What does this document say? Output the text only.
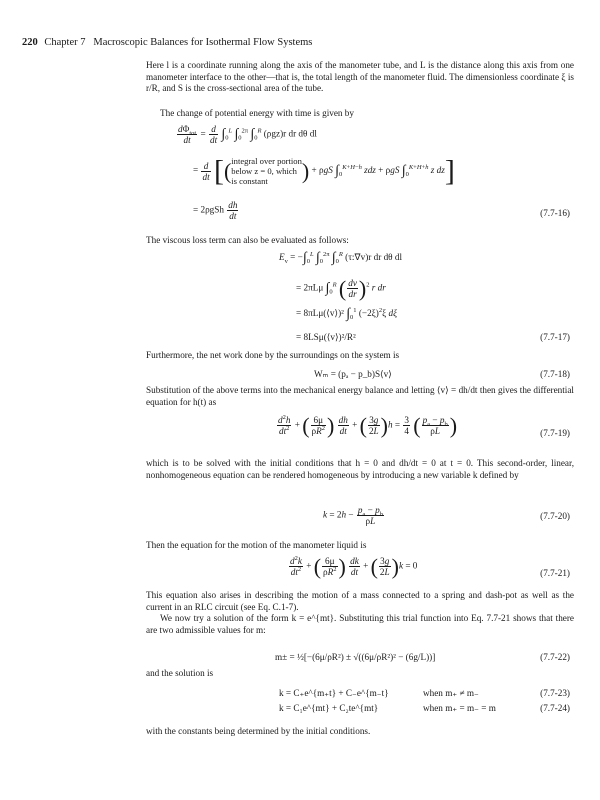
220 Chapter 7 Macroscopic Balances for Isothermal Flow Systems
Here l is a coordinate running along the axis of the manometer tube, and L is the distance along this axis from one manometer interface to the other—that is, the total length of the manometer fluid. The dimensionless coordinate ξ is r/R, and S is the cross-sectional area of the tube.
The change of potential energy with time is given by
$\frac{d\Phi_{tot}}{dt} = \frac{d}{dt} \int_0^L$ $\int_0^{2\pi}$ $\int_0^R$ (ρgz)r dr dθ dl
= $\frac{d}{dt}$ [( integral over portion
below z = 0, which
is constant	) + ρgS $\int_0^{K+H-h}$ zdz + ρgS $\int_0^{K+H+h}$ z dz]
= $2\rho gSh \frac{dh}{dt}$	(7.7-16)
The viscous loss term can also be evaluated as follows:
$E_v = -\int_0^L$ $\int_0^{2\pi}$ $\int_0^R$ (τ:∇v)r dr dθ dl
= 2πLμ $\int_0^R$ ( $\frac{dv}{dr} )^2$ r dr
= 8πLμ(⟨v⟩)² $\int_0^1$ $(-2\xi)^2\xi$ dξ
= 8LSμ(⟨v⟩)²/R²	(7.7-17)
Furthermore, the net work done by the surroundings on the system is
Wₘ = (pₐ − p_b)S⟨v⟩	(7.7-18)
Substitution of the above terms into the mechanical energy balance and letting ⟨v⟩ = dh/dt then gives the differential equation for h(t) as
$\frac{d^2h}{dt^2}$ + ( $\frac{6\mu}{\rho R^2}$ ) $\frac{dh}{dt}$ + ( $\frac{3g}{2L} )h = \frac{3}{4}$ ( $\frac{p_a - p_b}{\rho L}$ )	(7.7-19)
which is to be solved with the initial conditions that h = 0 and dh/dt = 0 at t = 0. This second-order, linear, nonhomogeneous equation can be rendered homogeneous by introducing a new variable k defined by
$k = 2h - \frac{p_a - p_b}{\rho L}$	(7.7-20)
Then the equation for the motion of the manometer liquid is
$\frac{d^2k}{dt^2}$ + ( $\frac{6\mu}{\rho R^2}$ ) $\frac{dk}{dt}$ + ( $\frac{3g}{2L} )k = 0$
(7.7-21)
This equation also arises in describing the motion of a mass connected to a spring and dash-pot as well as the current in an RLC circuit (see Eq. C.1-7).
We now try a solution of the form k = e^{mt}. Substituting this trial function into Eq. 7.7-21 shows that there are two admissible values for m:
m± = ½[−(6μ/ρR²) ± √((6μ/ρR²)² − (6g/L))]	(7.7-22)
and the solution is
k = C₊e^{m₊t} + C₋e^{m₋t}	when m₊ ≠ m₋	(7.7-23)
k = C₁e^{mt} + C₂te^{mt}	when m₊ = m₋ = m	(7.7-24)
with the constants being determined by the initial conditions.
